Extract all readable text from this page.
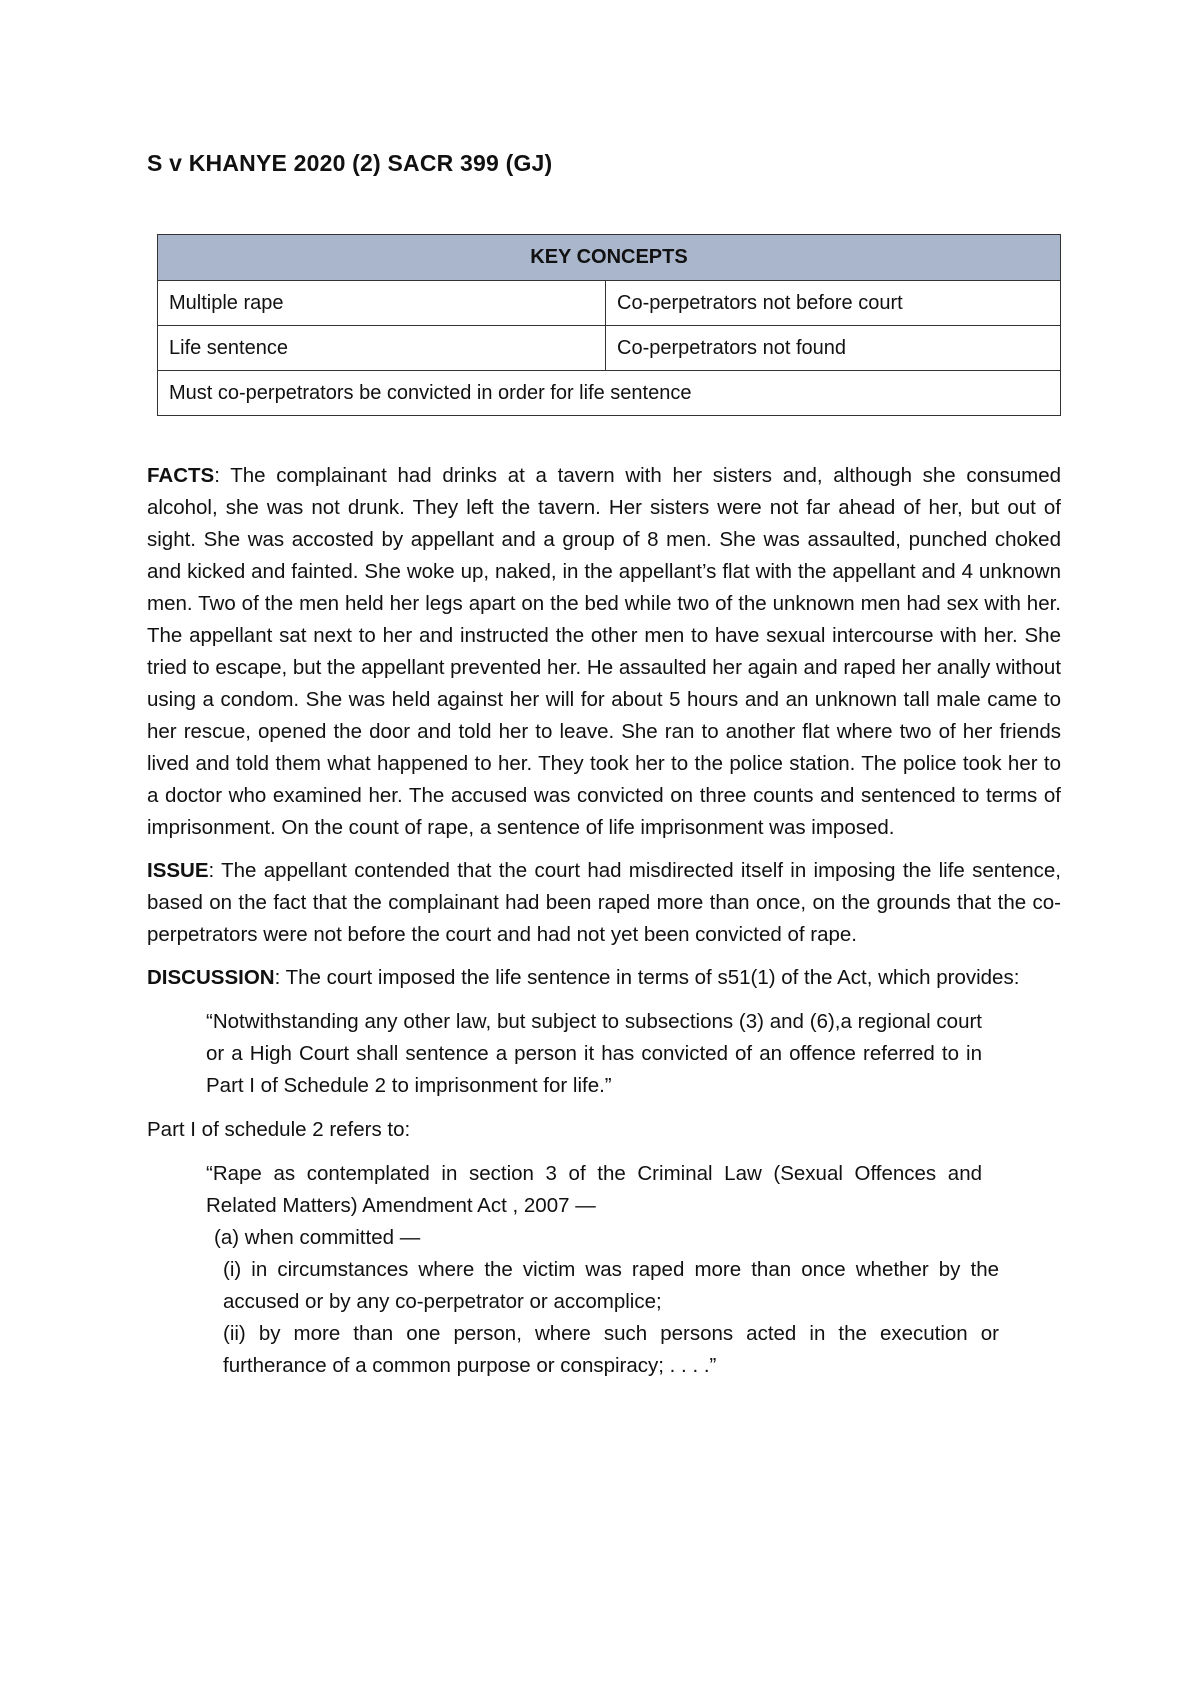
S v KHANYE 2020 (2) SACR 399 (GJ)
KEY CONCEPTS	
Multiple rape	Co-perpetrators not before court
Life sentence	Co-perpetrators not found
Must co-perpetrators be convicted in order for life sentence	

FACTS: The complainant had drinks at a tavern with her sisters and, although she consumed alcohol, she was not drunk. They left the tavern. Her sisters were not far ahead of her, but out of sight. She was accosted by appellant and a group of 8 men. She was assaulted, punched choked and kicked and fainted. She woke up, naked, in the appellant’s flat with the appellant and 4 unknown men. Two of the men held her legs apart on the bed while two of the unknown men had sex with her. The appellant sat next to her and instructed the other men to have sexual intercourse with her. She tried to escape, but the appellant prevented her. He assaulted her again and raped her anally without using a condom. She was held against her will for about 5 hours and an unknown tall male came to her rescue, opened the door and told her to leave. She ran to another flat where two of her friends lived and told them what happened to her. They took her to the police station. The police took her to a doctor who examined her. The accused was convicted on three counts and sentenced to terms of imprisonment. On the count of rape, a sentence of life imprisonment was imposed.

ISSUE: The appellant contended that the court had misdirected itself in imposing the life sentence, based on the fact that the complainant had been raped more than once, on the grounds that the co-perpetrators were not before the court and had not yet been convicted of rape.

DISCUSSION: The court imposed the life sentence in terms of s51(1) of the Act, which provides:

“Notwithstanding any other law, but subject to subsections (3) and (6),a regional court or a High Court shall sentence a person it has convicted of an offence referred to in Part I of Schedule 2 to imprisonment for life.”

Part I of schedule 2 refers to:

“Rape as contemplated in section 3 of the Criminal Law (Sexual Offences and Related Matters) Amendment Act , 2007 —
(a) when committed —
(i) in circumstances where the victim was raped more than once whether by the accused or by any co-perpetrator or accomplice;
(ii) by more than one person, where such persons acted in the execution or furtherance of a common purpose or conspiracy; . . . .”
